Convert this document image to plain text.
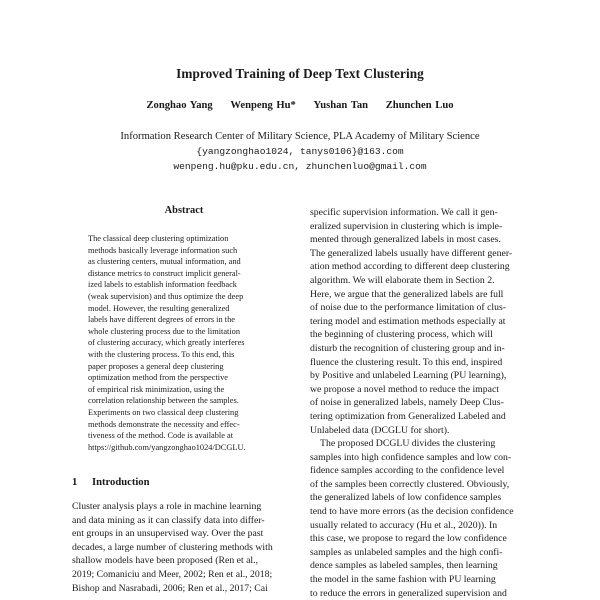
Improved Training of Deep Text Clustering
Zonghao Yang Wenpeng Hu* Yushan Tan Zhunchen Luo
Information Research Center of Military Science, PLA Academy of Military Science
{yangzonghao1024, tanys0106}@163.com
wenpeng.hu@pku.edu.cn, zhunchenluo@gmail.com
Abstract
The classical deep clustering optimization
methods basically leverage information such
as clustering centers, mutual information, and
distance metrics to construct implicit general-
ized labels to establish information feedback
(weak supervision) and thus optimize the deep
model. However, the resulting generalized
labels have different degrees of errors in the
whole clustering process due to the limitation
of clustering accuracy, which greatly interferes
with the clustering process. To this end, this
paper proposes a general deep clustering
optimization method from the perspective
of empirical risk minimization, using the
correlation relationship between the samples.
Experiments on two classical deep clustering
methods demonstrate the necessity and effec-
tiveness of the method. Code is available at
https://github.com/yangzonghao1024/DCGLU.
1 Introduction
Cluster analysis plays a role in machine learning
and data mining as it can classify data into differ-
ent groups in an unsupervised way. Over the past
decades, a large number of clustering methods with
shallow models have been proposed (Ren et al.,
2019; Comaniciu and Meer, 2002; Ren et al., 2018;
Bishop and Nasrabadi, 2006; Ren et al., 2017; Cai
specific supervision information. We call it gen-
eralized supervision in clustering which is imple-
mented through generalized labels in most cases.
The generalized labels usually have different gener-
ation method according to different deep clustering
algorithm. We will elaborate them in Section 2.
Here, we argue that the generalized labels are full
of noise due to the performance limitation of clus-
tering model and estimation methods especially at
the beginning of clustering process, which will
disturb the recognition of clustering group and in-
fluence the clustering result. To this end, inspired
by Positive and unlabeled Learning (PU learning),
we propose a novel method to reduce the impact
of noise in generalized labels, namely Deep Clus-
tering optimization from Generalized Labeled and
Unlabeled data (DCGLU for short).
The proposed DCGLU divides the clustering
samples into high confidence samples and low con-
fidence samples according to the confidence level
of the samples been correctly clustered. Obviously,
the generalized labels of low confidence samples
tend to have more errors (as the decision confidence
usually related to accuracy (Hu et al., 2020)). In
this case, we propose to regard the low confidence
samples as unlabeled samples and the high confi-
dence samples as labeled samples, then learning
the model in the same fashion with PU learning
to reduce the errors in generalized supervision and
